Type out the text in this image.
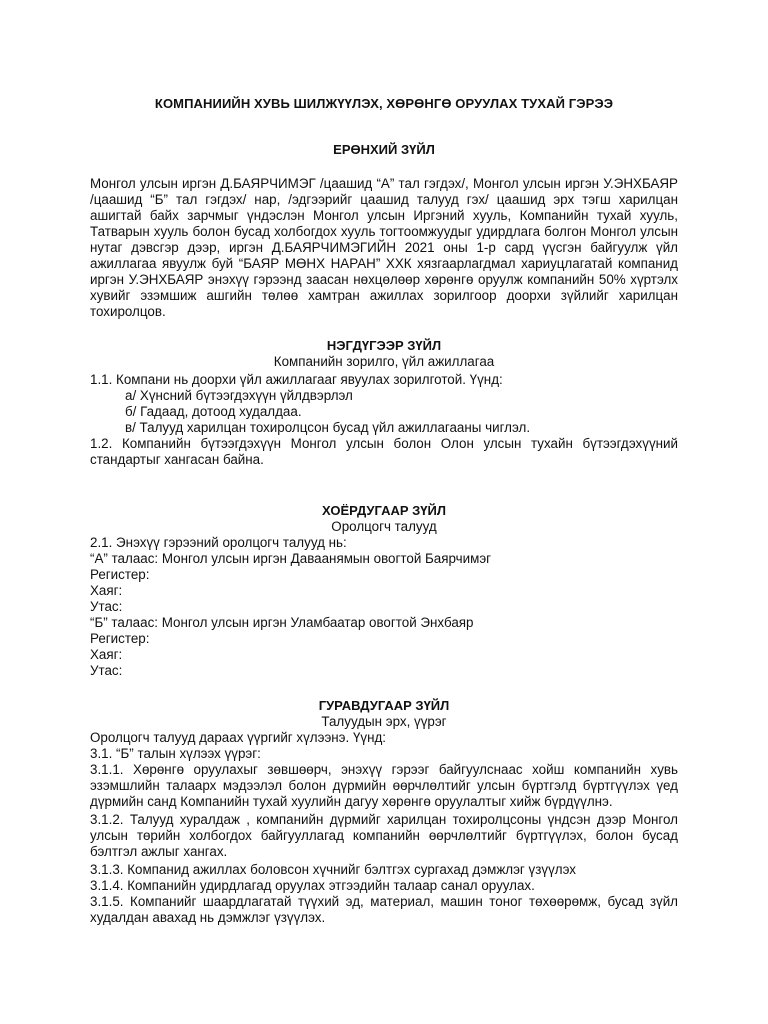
КОМПАНИИЙН ХУВЬ ШИЛЖҮҮЛЭХ, ХӨРӨНГӨ ОРУУЛАХ ТУХАЙ ГЭРЭЭ
ЕРӨНХИЙ ЗҮЙЛ
Монгол улсын иргэн Д.БАЯРЧИМЭГ /цаашид “А” тал гэгдэх/, Монгол улсын иргэн У.ЭНХБАЯР /цаашид “Б” тал гэгдэх/ нар, /эдгээрийг цаашид талууд гэх/ цаашид эрх тэгш харилцан ашигтай байх зарчмыг үндэслэн Монгол улсын Иргэний хууль, Компанийн тухай хууль, Татварын хууль болон бусад холбогдох хууль тогтоомжуудыг удирдлага болгон Монгол улсын нутаг дэвсгэр дээр, иргэн Д.БАЯРЧИМЭГИЙН 2021 оны 1-р сард үүсгэн байгуулж үйл ажиллагаа явуулж буй “БАЯР МӨНХ НАРАН” ХХК хязгаарлагдмал хариуцлагатай компанид иргэн У.ЭНХБАЯР энэхүү гэрээнд заасан нөхцөлөөр хөрөнгө оруулж компанийн 50% хүртэлх хувийг эзэмшиж ашгийн төлөө хамтран ажиллах зорилгоор доорхи зүйлийг харилцан тохиролцов.
НЭГДҮГЭЭР ЗҮЙЛ
Компанийн зорилго, үйл ажиллагаа
1.1. Компани нь доорхи үйл ажиллагааг явуулах зорилготой. Үүнд:
а/ Хүнсний бүтээгдэхүүн үйлдвэрлэл
б/ Гадаад, дотоод худалдаа.
в/ Талууд харилцан тохиролцсон бусад үйл ажиллагааны чиглэл.
1.2. Компанийн бүтээгдэхүүн Монгол улсын болон Олон улсын тухайн бүтээгдэхүүний стандартыг хангасан байна.
ХОЁРДУГААР ЗҮЙЛ
Оролцогч талууд
2.1. Энэхүү гэрээний оролцогч талууд нь:
“А” талаас: Монгол улсын иргэн Даваанямын овогтой Баярчимэг
Регистер:
Хаяг:
Утас:
“Б” талаас: Монгол улсын иргэн Уламбаатар овогтой Энхбаяр
Регистер:
Хаяг:
Утас:
ГУРАВДУГААР ЗҮЙЛ
Талуудын эрх, үүрэг
Оролцогч талууд дараах үүргийг хүлээнэ. Үүнд:
3.1. “Б” талын хүлээх үүрэг:
3.1.1. Хөрөнгө оруулахыг зөвшөөрч, энэхүү гэрээг байгуулснаас хойш компанийн хувь эзэмшлийн талаарх мэдээлэл болон дүрмийн өөрчлөлтийг улсын бүртгэлд бүртгүүлэх үед дүрмийн санд Компанийн тухай хуулийн дагуу хөрөнгө оруулалтыг хийж бүрдүүлнэ.
3.1.2. Талууд хуралдаж , компанийн дүрмийг харилцан тохиролцсоны үндсэн дээр Монгол улсын төрийн холбогдох байгууллагад компанийн өөрчлөлтийг бүртгүүлэх, болон бусад бэлтгэл ажлыг хангах.
3.1.3. Компанид ажиллах боловсон хүчнийг бэлтгэх сургахад дэмжлэг үзүүлэх
3.1.4. Компанийн удирдлагад оруулах этгээдийн талаар санал оруулах.
3.1.5. Компанийг шаардлагатай түүхий эд, материал, машин тоног төхөөрөмж, бусад зүйл худалдан авахад нь дэмжлэг үзүүлэх.
